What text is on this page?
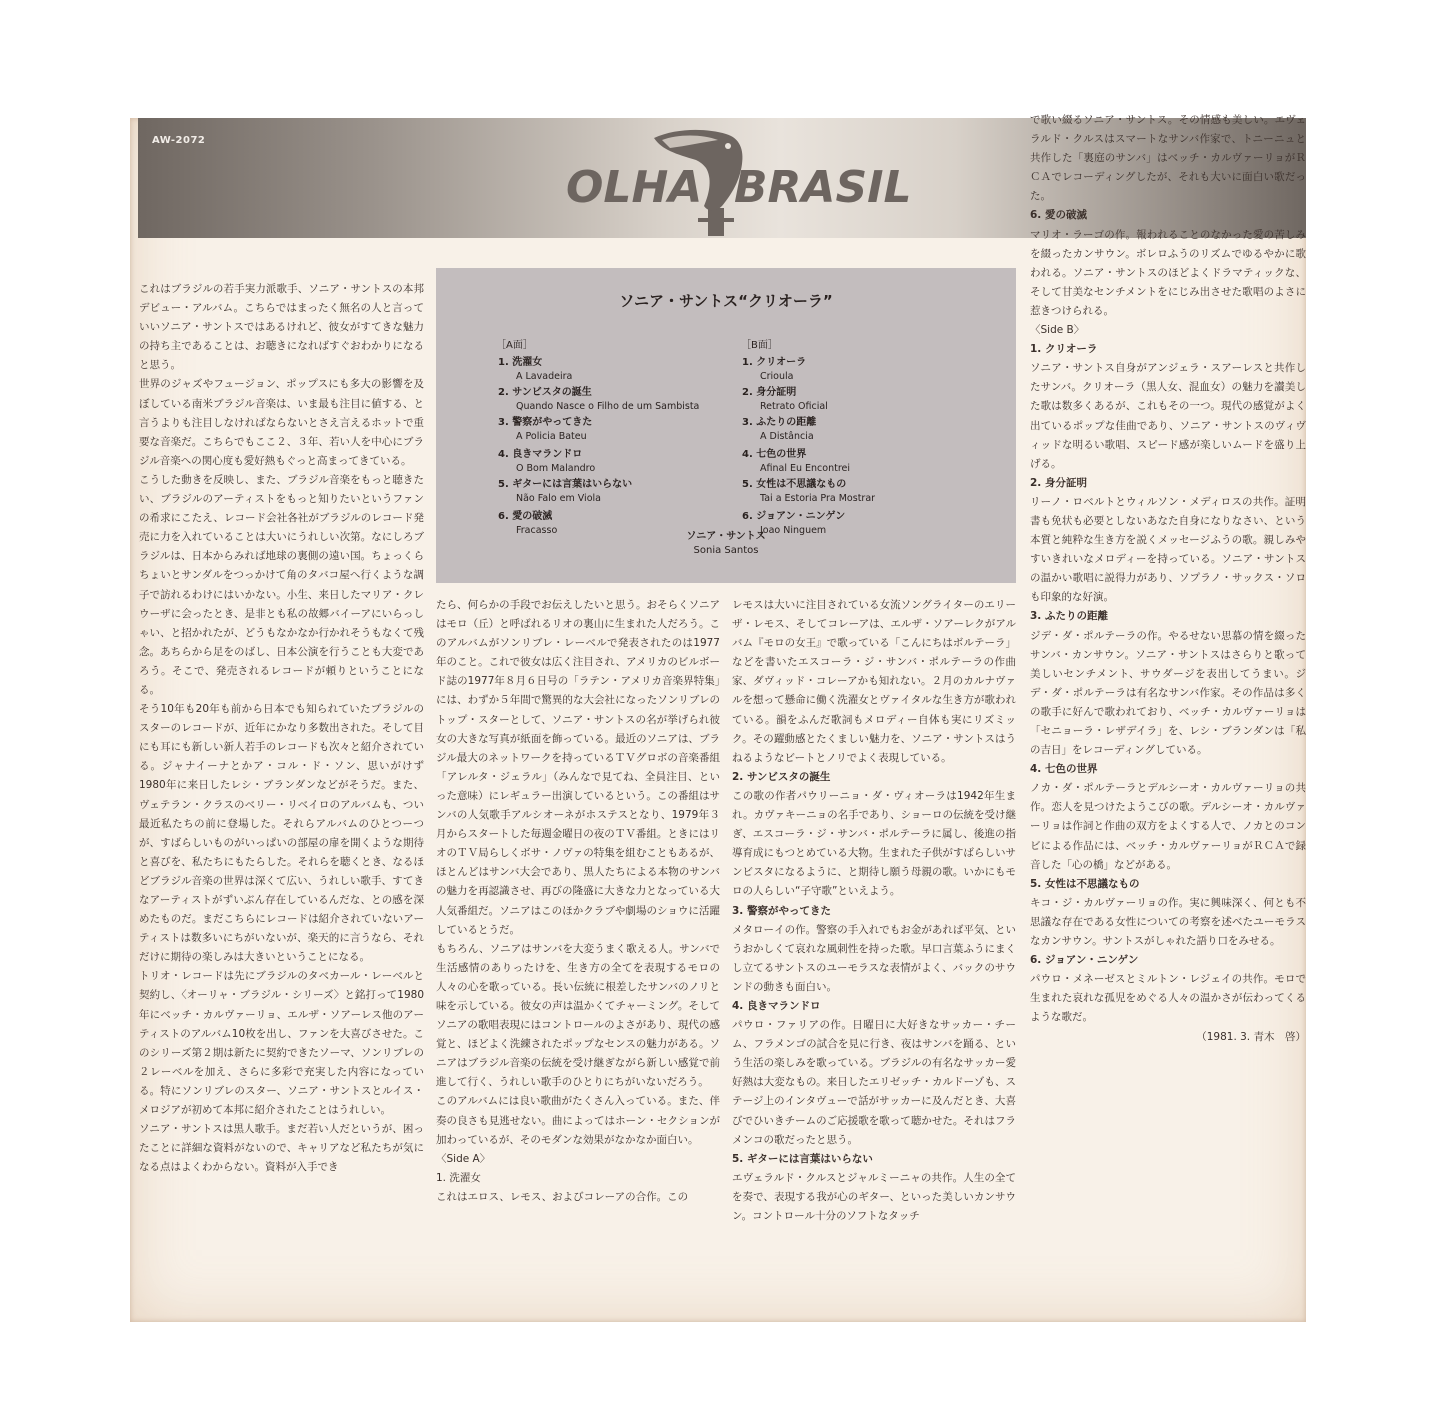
AW-2072
OLHA BRASIL
ソニア・サントス“クリオーラ”
［A面］	［B面］
1. 洗濯女
A Lavadeira
2. サンビスタの誕生
Quando Nasce o Filho de um Sambista
3. 警察がやってきた
A Policia Bateu
4. 良きマランドロ
O Bom Malandro
5. ギターには言葉はいらない
Não Falo em Viola
6. 愛の破滅
Fracasso
1. クリオーラ
Crioula
2. 身分証明
Retrato Oficial
3. ふたりの距離
A Distância
4. 七色の世界
Afinal Eu Encontrei
5. 女性は不思議なもの
Tai a Estoria Pra Mostrar
6. ジョアン・ニンゲン
Joao Ninguem
ソニア・サントス
Sonia Santos

これはブラジルの若手実力派歌手、ソニア・サントスの本邦デビュー・アルバム。こちらではまったく無名の人と言っていいソニア・サントスではあるけれど、彼女がすてきな魅力の持ち主であることは、お聴きになればすぐおわかりになると思う。

世界のジャズやフュージョン、ポップスにも多大の影響を及ぼしている南米ブラジル音楽は、いま最も注目に値する、と言うよりも注目しなければならないとさえ言えるホットで重要な音楽だ。こちらでもここ２、３年、若い人を中心にブラジル音楽への関心度も愛好熱もぐっと高まってきている。

こうした動きを反映し、また、ブラジル音楽をもっと聴きたい、ブラジルのアーティストをもっと知りたいというファンの希求にこたえ、レコード会社各社がブラジルのレコード発売に力を入れていることは大いにうれしい次第。なにしろブラジルは、日本からみれば地球の裏側の遠い国。ちょっくらちょいとサンダルをつっかけて角のタバコ屋へ行くような調子で訪れるわけにはいかない。小生、来日したマリア・クレウーザに会ったとき、是非とも私の故郷バイーアにいらっしゃい、と招かれたが、どうもなかなか行かれそうもなくて残念。あちらから足をのばし、日本公演を行うことも大変であろう。そこで、発売されるレコードが頼りということになる。

そう10年も20年も前から日本でも知られていたブラジルのスターのレコードが、近年にかなり多数出された。そして目にも耳にも新しい新人若手のレコードも次々と紹介されている。ジャナイーナとかア・コル・ド・ソン、思いがけず1980年に来日したレシ・ブランダンなどがそうだ。また、ヴェテラン・クラスのベリー・リベイロのアルバムも、つい最近私たちの前に登場した。それらアルバムのひとつーつが、すばらしいものがいっぱいの部屋の扉を開くような期待と喜びを、私たちにもたらした。それらを聴くとき、なるほどブラジル音楽の世界は深くて広い、うれしい歌手、すてきなアーティストがずいぶん存在しているんだな、との感を深めたものだ。まだこちらにレコードは紹介されていないアーティストは数多いにちがいないが、楽天的に言うなら、それだけに期待の楽しみは大きいということになる。

トリオ・レコードは先にブラジルのタベカール・レーベルと契約し、〈オーリャ・ブラジル・シリーズ〉と銘打って1980年にベッチ・カルヴァーリョ、エルザ・ソアーレス他のアーティストのアルバム10枚を出し、ファンを大喜びさせた。このシリーズ第２期は新たに契約できたソーマ、ソンリブレの２レーベルを加え、さらに多彩で充実した内容になっている。特にソンリブレのスター、ソニア・サントスとルイス・メロジアが初めて本邦に紹介されたことはうれしい。

ソニア・サントスは黒人歌手。まだ若い人だというが、困ったことに詳細な資料がないので、キャリアなど私たちが気になる点はよくわからない。資料が入手でき

たら、何らかの手段でお伝えしたいと思う。おそらくソニアはモロ（丘）と呼ばれるリオの裏山に生まれた人だろう。このアルバムがソンリブレ・レーベルで発表されたのは1977年のこと。これで彼女は広く注目され、アメリカのビルボード誌の1977年８月６日号の「ラテン・アメリカ音楽界特集」には、わずか５年間で驚異的な大会社になったソンリブレのトップ・スターとして、ソニア・サントスの名が挙げられ彼女の大きな写真が紙面を飾っている。最近のソニアは、ブラジル最大のネットワークを持っているＴＶグロボの音楽番組「アレルタ・ジェラル」（みんなで見てね、全員注目、といった意味）にレギュラー出演しているという。この番組はサンバの人気歌手アルシオーネがホステスとなり、1979年３月からスタートした毎週金曜日の夜のＴＶ番組。ときにはリオのＴＶ局らしくボサ・ノヴァの特集を組むこともあるが、ほとんどはサンバ大会であり、黒人たちによる本物のサンバの魅力を再認識させ、再びの隆盛に大きな力となっている大人気番組だ。ソニアはこのほかクラブや劇場のショウに活躍しているとうだ。

もちろん、ソニアはサンバを大変うまく歌える人。サンバで生活感情のありったけを、生き方の全てを表現するモロの人々の心を歌っている。長い伝統に根差したサンバのノリと味を示している。彼女の声は温かくてチャーミング。そしてソニアの歌唱表現にはコントロールのよさがあり、現代の感覚と、ほどよく洗練されたポップなセンスの魅力がある。ソニアはブラジル音楽の伝統を受け継ぎながら新しい感覚で前進して行く、うれしい歌手のひとりにちがいないだろう。

このアルバムには良い歌曲がたくさん入っている。また、伴奏の良さも見逃せない。曲によってはホーン・セクションが加わっているが、そのモダンな効果がなかなか面白い。

〈Side A〉

1. 洗濯女

これはエロス、レモス、およびコレーアの合作。この

レモスは大いに注目されている女流ソングライターのエリーザ・レモス、そしてコレーアは、エルザ・ソアーレクがアルバム『モロの女王』で歌っている「こんにちはボルテーラ」などを書いたエスコーラ・ジ・サンバ・ポルテーラの作曲家、ダヴィッド・コレーアかも知れない。２月のカルナヴァルを想って懸命に働く洗濯女とヴァイタルな生き方が歌われている。韻をふんだ歌詞もメロディー自体も実にリズミック。その躍動感とたくましい魅力を、ソニア・サントスはうねるようなビートとノリでよく表現している。

2. サンビスタの誕生

この歌の作者パウリーニョ・ダ・ヴィオーラは1942年生まれ。カヴァキーニョの名手であり、ショーロの伝統を受け継ぎ、エスコーラ・ジ・サンバ・ポルテーラに属し、後進の指導育成にもつとめている大物。生まれた子供がすばらしいサンビスタになるように、と期待し願う母親の歌。いかにもモロの人らしい“子守歌”といえよう。

3. 警察がやってきた

メタローイの作。警察の手入れでもお金があれば平気、というおかしくて哀れな風刺性を持った歌。早口言葉ふうにまくし立てるサントスのユーモラスな表情がよく、バックのサウンドの動きも面白い。

4. 良きマランドロ

パウロ・ファリアの作。日曜日に大好きなサッカー・チーム、フラメンゴの試合を見に行き、夜はサンバを踊る、という生活の楽しみを歌っている。ブラジルの有名なサッカー愛好熱は大変なもの。来日したエリゼッチ・カルドーゾも、ステージ上のインタヴューで話がサッカーに及んだとき、大喜びでひいきチームのご応援歌を歌って聴かせた。それはフラメンコの歌だったと思う。

5. ギターには言葉はいらない

エヴェラルド・クルスとジャルミーニャの共作。人生の全てを奏で、表現する我が心のギター、といった美しいカンサウン。コントロール十分のソフトなタッチ

で歌い綴るソニア・サントス。その情感も美しい。エヴェラルド・クルスはスマートなサンバ作家で、トニーニュと共作した「裏庭のサンバ」はベッチ・カルヴァーリョがＲＣＡでレコーディングしたが、それも大いに面白い歌だった。

6. 愛の破滅

マリオ・ラーゴの作。報われることのなかった愛の苦しみを綴ったカンサウン。ボレロふうのリズムでゆるやかに歌われる。ソニア・サントスのほどよくドラマティックな、そして甘美なセンチメントをにじみ出させた歌唱のよさに惹きつけられる。

〈Side B〉

1. クリオーラ

ソニア・サントス自身がアンジェラ・スアーレスと共作したサンバ。クリオーラ（黒人女、混血女）の魅力を讃美した歌は数多くあるが、これもその一つ。現代の感覚がよく出ているポップな佳曲であり、ソニア・サントスのヴィヴィッドな明るい歌唱、スピード感が楽しいムードを盛り上げる。

2. 身分証明

リーノ・ロベルトとウィルソン・メディロスの共作。証明書も免状も必要としないあなた自身になりなさい、という本質と純粋な生き方を説くメッセージふうの歌。親しみやすいきれいなメロディーを持っている。ソニア・サントスの温かい歌唱に説得力があり、ソプラノ・サックス・ソロも印象的な好演。

3. ふたりの距離

ジデ・ダ・ポルテーラの作。やるせない思慕の情を綴ったサンバ・カンサウン。ソニア・サントスはさらりと歌って美しいセンチメント、サウダージを表出してうまい。ジデ・ダ・ポルテーラは有名なサンバ作家。その作品は多くの歌手に好んで歌われており、ベッチ・カルヴァーリョは「セニョーラ・レザデイラ」を、レシ・ブランダンは「私の吉日」をレコーディングしている。

4. 七色の世界

ノカ・ダ・ポルテーラとデルシーオ・カルヴァーリョの共作。恋人を見つけたようこびの歌。デルシーオ・カルヴァーリョは作詞と作曲の双方をよくする人で、ノカとのコンビによる作品には、ベッチ・カルヴァーリョがＲＣＡで録音した「心の橋」などがある。

5. 女性は不思議なもの

キコ・ジ・カルヴァーリョの作。実に興味深く、何とも不思議な存在である女性についての考察を述べたユーモラスなカンサウン。サントスがしゃれた語り口をみせる。

6. ジョアン・ニンゲン

パウロ・メネーゼスとミルトン・レジェイの共作。モロで生まれた哀れな孤児をめぐる人々の温かさが伝わってくるような歌だ。

（1981. 3. 青木　啓）
